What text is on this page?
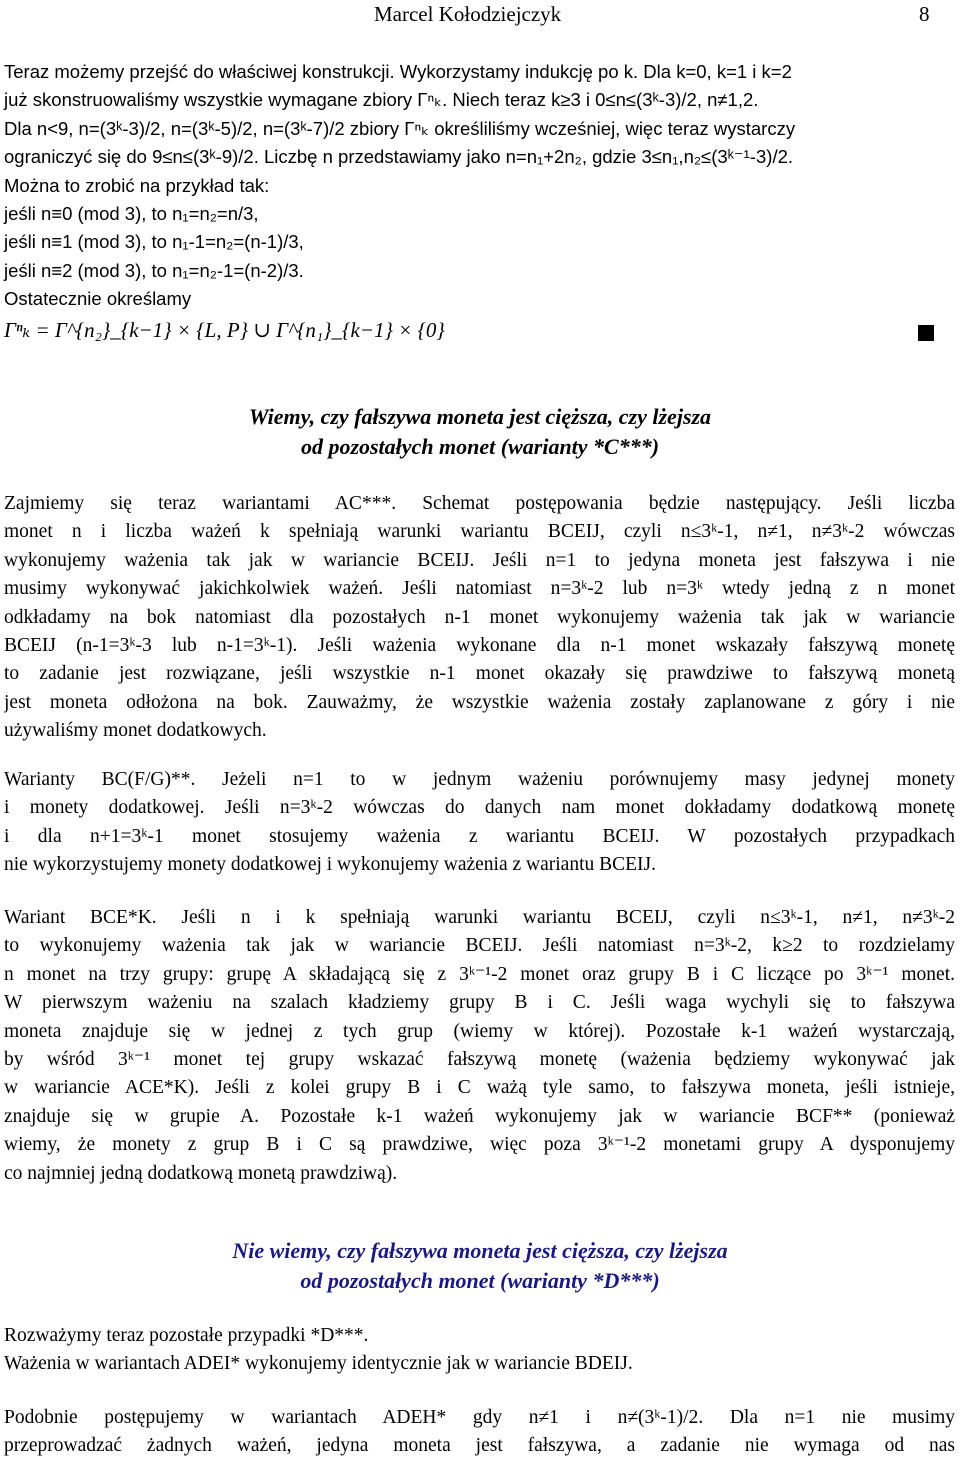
Marcel Kołodziejczyk	8
Teraz możemy przejść do właściwej konstrukcji. Wykorzystamy indukcję po k. Dla k=0, k=1 i k=2
już skonstruowaliśmy wszystkie wymagane zbiory Γⁿₖ. Niech teraz k≥3 i 0≤n≤(3ᵏ-3)/2, n≠1,2.
Dla n<9, n=(3ᵏ-3)/2, n=(3ᵏ-5)/2, n=(3ᵏ-7)/2 zbiory Γⁿₖ określiliśmy wcześniej, więc teraz wystarczy
ograniczyć się do 9≤n≤(3ᵏ-9)/2. Liczbę n przedstawiamy jako n=n₁+2n₂, gdzie 3≤n₁,n₂≤(3ᵏ⁻¹-3)/2.
Można to zrobić na przykład tak:
jeśli n≡0 (mod 3), to n₁=n₂=n/3,
jeśli n≡1 (mod 3), to n₁-1=n₂=(n-1)/3,
jeśli n≡2 (mod 3), to n₁=n₂-1=(n-2)/3.
Ostatecznie określamy
Γⁿₖ = Γ^{n₂}_{k−1} × {L, P} ∪ Γ^{n₁}_{k−1} × {0}
Wiemy, czy fałszywa moneta jest cięższa, czy lżejsza
od pozostałych monet (warianty *C***)
Zajmiemy się teraz wariantami AC***. Schemat postępowania będzie następujący. Jeśli liczba
monet n i liczba ważeń k spełniają warunki wariantu BCEIJ, czyli n≤3ᵏ-1, n≠1, n≠3ᵏ-2 wówczas
wykonujemy ważenia tak jak w wariancie BCEIJ. Jeśli n=1 to jedyna moneta jest fałszywa i nie
musimy wykonywać jakichkolwiek ważeń. Jeśli natomiast n=3ᵏ-2 lub n=3ᵏ wtedy jedną z n monet
odkładamy na bok natomiast dla pozostałych n-1 monet wykonujemy ważenia tak jak w wariancie
BCEIJ (n-1=3ᵏ-3 lub n-1=3ᵏ-1). Jeśli ważenia wykonane dla n-1 monet wskazały fałszywą monetę
to zadanie jest rozwiązane, jeśli wszystkie n-1 monet okazały się prawdziwe to fałszywą monetą
jest moneta odłożona na bok. Zauważmy, że wszystkie ważenia zostały zaplanowane z góry i nie
używaliśmy monet dodatkowych.
Warianty BC(F/G)**. Jeżeli n=1 to w jednym ważeniu porównujemy masy jedynej monety
i monety dodatkowej. Jeśli n=3ᵏ-2 wówczas do danych nam monet dokładamy dodatkową monetę
i dla n+1=3ᵏ-1 monet stosujemy ważenia z wariantu BCEIJ. W pozostałych przypadkach
nie wykorzystujemy monety dodatkowej i wykonujemy ważenia z wariantu BCEIJ.
Wariant BCE*K. Jeśli n i k spełniają warunki wariantu BCEIJ, czyli n≤3ᵏ-1, n≠1, n≠3ᵏ-2
to wykonujemy ważenia tak jak w wariancie BCEIJ. Jeśli natomiast n=3ᵏ-2, k≥2 to rozdzielamy
n monet na trzy grupy: grupę A składającą się z 3ᵏ⁻¹-2 monet oraz grupy B i C liczące po 3ᵏ⁻¹ monet.
W pierwszym ważeniu na szalach kładziemy grupy B i C. Jeśli waga wychyli się to fałszywa
moneta znajduje się w jednej z tych grup (wiemy w której). Pozostałe k-1 ważeń wystarczają,
by wśród 3ᵏ⁻¹ monet tej grupy wskazać fałszywą monetę (ważenia będziemy wykonywać jak
w wariancie ACE*K). Jeśli z kolei grupy B i C ważą tyle samo, to fałszywa moneta, jeśli istnieje,
znajduje się w grupie A. Pozostałe k-1 ważeń wykonujemy jak w wariancie BCF** (ponieważ
wiemy, że monety z grup B i C są prawdziwe, więc poza 3ᵏ⁻¹-2 monetami grupy A dysponujemy
co najmniej jedną dodatkową monetą prawdziwą).
Nie wiemy, czy fałszywa moneta jest cięższa, czy lżejsza
od pozostałych monet (warianty *D***)
Rozważymy teraz pozostałe przypadki *D***.
Ważenia w wariantach ADEI* wykonujemy identycznie jak w wariancie BDEIJ.
Podobnie postępujemy w wariantach ADEH* gdy n≠1 i n≠(3ᵏ-1)/2. Dla n=1 nie musimy
przeprowadzać żadnych ważeń, jedyna moneta jest fałszywa, a zadanie nie wymaga od nas
